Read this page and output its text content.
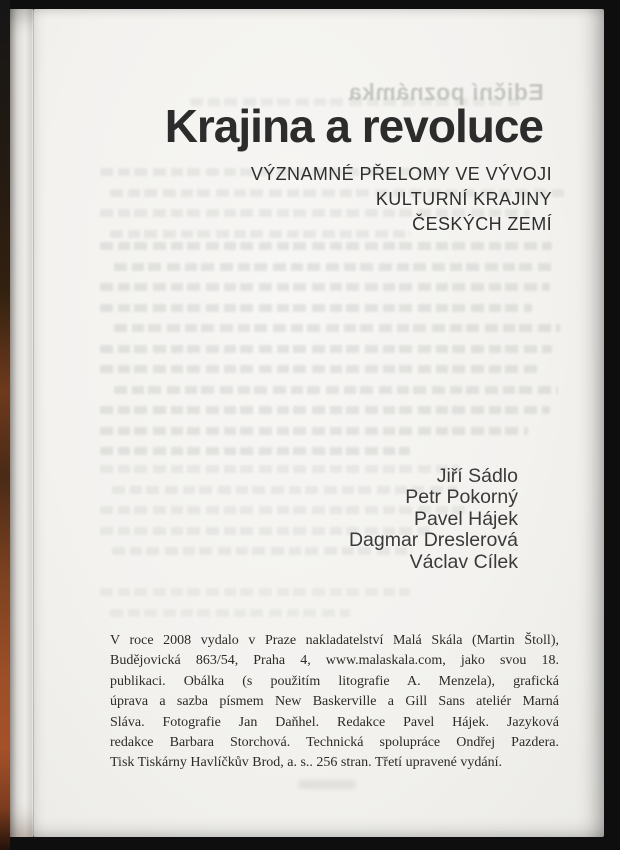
Ediční poznámka
Krajina a revoluce
VÝZNAMNÉ PŘELOMY VE VÝVOJI
KULTURNÍ KRAJINY
ČESKÝCH ZEMÍ
Jiří Sádlo
Petr Pokorný
Pavel Hájek
Dagmar Dreslerová
Václav Cílek
V roce 2008 vydalo v Praze nakladatelství Malá Skála (Martin Štoll),
Budějovická 863/54, Praha 4, www.malaskala.com, jako svou 18.
publikaci. Obálka (s použitím litografie A. Menzela), grafická
úprava a sazba písmem New Baskerville a Gill Sans ateliér Marná
Sláva. Fotografie Jan Daňhel. Redakce Pavel Hájek. Jazyková
redakce Barbara Storchová. Technická spolupráce Ondřej Pazdera.
Tisk Tiskárny Havlíčkův Brod, a. s.. 256 stran. Třetí upravené vydání.
